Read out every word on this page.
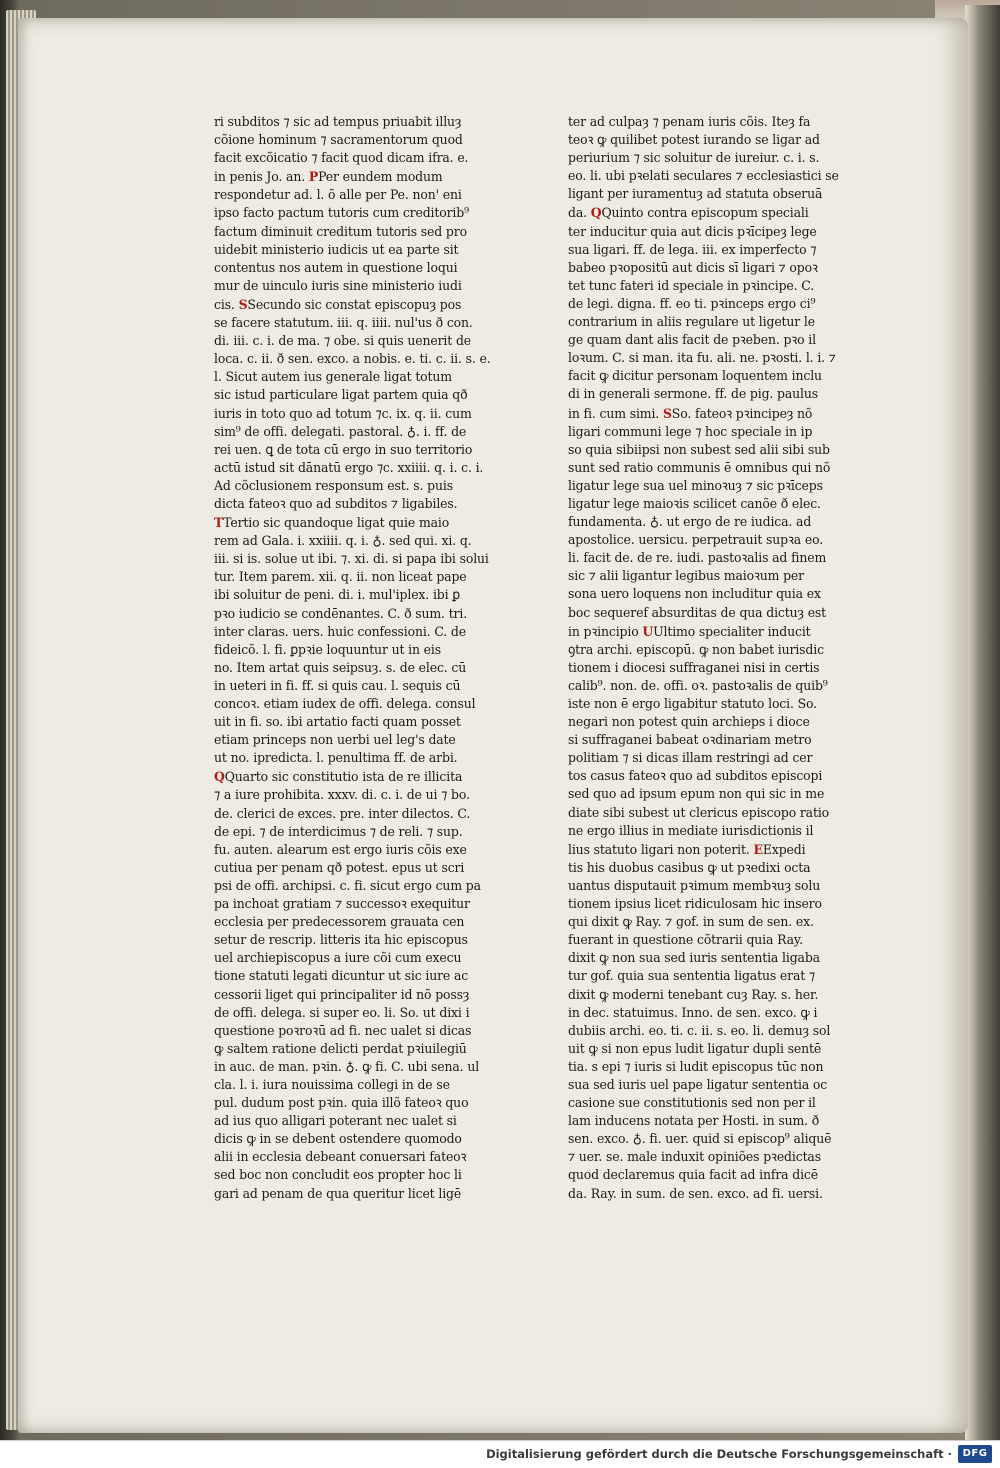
ri subditos ⁊ sic ad tempus priuabit illuȝ
cõione hominum ⁊ sacramentorum quod
facit excõicatio ⁊ facit quod dicam ifra. e.
in penis Jo. an. PPer eundem modum
respondetur ad. l. õ alle per Pe. non' eni
ipso facto pactum tutoris cum creditorib⁹
factum diminuit creditum tutoris sed pro
uidebit ministerio iudicis ut ea parte sit
contentus nos autem in questione loqui
mur de uinculo iuris sine ministerio iudi
cis. SSecundo sic constat episcopuȝ pos
se facere statutum. iii. q. iiii. nul'us ð con.
di. iii. c. i. de ma. ⁊ obe. si quis uenerit de
loca. c. ii. ð sen. exco. a nobis. e. ti. c. ii. s. e.
l. Sicut autem ius generale ligat totum
sic istud particulare ligat partem quia qð
iuris in toto quo ad totum ⁊c. ix. q. ii. cum
sim⁹ de offi. delegati. pastoral. ♁. i. ff. de
rei uen. ꝗ de tota cū ergo in suo territorio
actū istud sit dānatū ergo ⁊c. xxiiii. q. i. c. i.
Ad cõclusionem responsum est. s. puis
dicta fateoꝛ quo ad subditos ⁊ ligabiles.
TTertio sic quandoque ligat quie maio
rem ad Gala. i. xxiiii. q. i. ♁. sed qui. xi. q.
iii. si is. solue ut ibi. ⁊. xi. di. si papa ibi solui
tur. Item parem. xii. q. ii. non liceat pape
ibi soluitur de peni. di. i. mul'iplex. ibi ꝑ
pꝛo iudicio se condēnantes. C. ð sum. tri.
inter claras. uers. huic confessioni. C. de
fideicõ. l. fi. ꝑpꝛie loquuntur ut in eis
no. Item artat quis seipsuȝ. s. de elec. cū
in ueteri in fi. ff. si quis cau. l. sequis cū
concoꝛ. etiam iudex de offi. delega. consul
uit in fi. so. ibi artatio facti quam posset
etiam princeps non uerbi uel leg's date
ut no. ipredicta. l. penultima ff. de arbi.
QQuarto sic constitutio ista de re illicita
⁊ a iure prohibita. xxxv. di. c. i. de ui ⁊ bo.
de. clerici de exces. pre. inter dilectos. C.
de epi. ⁊ de interdicimus ⁊ de reli. ⁊ sup.
fu. auten. alearum est ergo iuris cõis exe
cutiua per penam qð potest. epus ut scri
psi de offi. archipsi. c. fi. sicut ergo cum pa
pa inchoat gratiam ⁊ successoꝛ exequitur
ecclesia per predecessorem grauata cen
setur de rescrip. litteris ita hic episcopus
uel archiepiscopus a iure cõi cum execu
tione statuti legati dicuntur ut sic iure ac
cessorii liget qui principaliter id nõ possȝ
de offi. delega. si super eo. li. So. ut dixi i
questione poꝛroꝛū ad fi. nec ualet si dicas
ꝙ saltem ratione delicti perdat pꝛiuilegiū
in auc. de man. pꝛin. ♁. ꝙ fi. C. ubi sena. ul
cla. l. i. iura nouissima collegi in de se
pul. dudum post pꝛin. quia illõ fateoꝛ quo
ad ius quo alligari poterant nec ualet si
dicis ꝙ in se debent ostendere quomodo
alii in ecclesia debeant conuersari fateoꝛ
sed boc non concludit eos propter hoc li
gari ad penam de qua queritur licet ligē
ter ad culpaȝ ⁊ penam iuris cõis. Iteȝ fa
teoꝛ ꝙ quilibet potest iurando se ligar ad
periurium ⁊ sic soluitur de iureiur. c. i. s.
eo. li. ubi pꝛelati seculares ⁊ ecclesiastici se
ligant per iuramentuȝ ad statuta obseruā
da. QQuinto contra episcopum speciali
ter inducitur quia aut dicis pꝛīcipeȝ lege
sua ligari. ff. de lega. iii. ex imperfecto ⁊
babeo pꝛopositū aut dicis sī ligari ⁊ opoꝛ
tet tunc fateri id speciale in pꝛincipe. C.
de legi. digna. ff. eo ti. pꝛinceps ergo ci⁹
contrarium in aliis regulare ut ligetur le
ge quam dant alis facit de pꝛeben. pꝛo il
loꝛum. C. si man. ita fu. ali. ne. pꝛosti. l. i. ⁊
facit ꝙ dicitur personam loquentem inclu
di in generali sermone. ff. de pig. paulus
in fi. cum simi. SSo. fateoꝛ pꝛincipeȝ nõ
ligari communi lege ⁊ hoc speciale in ip
so quia sibiipsi non subest sed alii sibi sub
sunt sed ratio communis ē omnibus qui nõ
ligatur lege sua uel minoꝛuȝ ⁊ sic pꝛīceps
ligatur lege maioꝛis scilicet canõe ð elec.
fundamenta. ♁. ut ergo de re iudica. ad
apostolice. uersicu. perpetrauit supꝛa eo.
li. facit de. de re. iudi. pastoꝛalis ad finem
sic ⁊ alii ligantur legibus maioꝛum per
sona uero loquens non includitur quia ex
boc sequeref absurditas de qua dictuȝ est
in pꝛincipio UUltimo specialiter inducit
ꝯtra archi. episcopū. ꝙ non babet iurisdic
tionem i diocesi suffraganei nisi in certis
calib⁹. non. de. offi. oꝛ. pastoꝛalis de quib⁹
iste non ē ergo ligabitur statuto loci. So.
negari non potest quin archieps i dioce
si suffraganei babeat oꝛdinariam metro
politiam ⁊ si dicas illam restringi ad cer
tos casus fateoꝛ quo ad subditos episcopi
sed quo ad ipsum epum non qui sic in me
diate sibi subest ut clericus episcopo ratio
ne ergo illius in mediate iurisdictionis il
lius statuto ligari non poterit. EExpedi
tis his duobus casibus ꝙ ut pꝛedixi octa
uantus disputauit pꝛimum membꝛuȝ solu
tionem ipsius licet ridiculosam hic insero
qui dixit ꝙ Ray. ⁊ gof. in sum de sen. ex.
fuerant in questione cõtrarii quia Ray.
dixit ꝙ non sua sed iuris sententia ligaba
tur gof. quia sua sententia ligatus erat ⁊
dixit ꝙ moderni tenebant cuȝ Ray. s. her.
in dec. statuimus. Inno. de sen. exco. ꝙ i
dubiis archi. eo. ti. c. ii. s. eo. li. demuȝ sol
uit ꝙ si non epus ludit ligatur dupli sentē
tia. s epi ⁊ iuris si ludit episcopus tūc non
sua sed iuris uel pape ligatur sententia oc
casione sue constitutionis sed non per il
lam inducens notata per Hosti. in sum. ð
sen. exco. ♁. fi. uer. quid si episcop⁹ aliquē
⁊ uer. se. male induxit opiniões pꝛedictas
quod declaremus quia facit ad infra dicē
da. Ray. in sum. de sen. exco. ad fi. uersi.
Digitalisierung gefördert durch die Deutsche Forschungsgemeinschaft ·	DFG
